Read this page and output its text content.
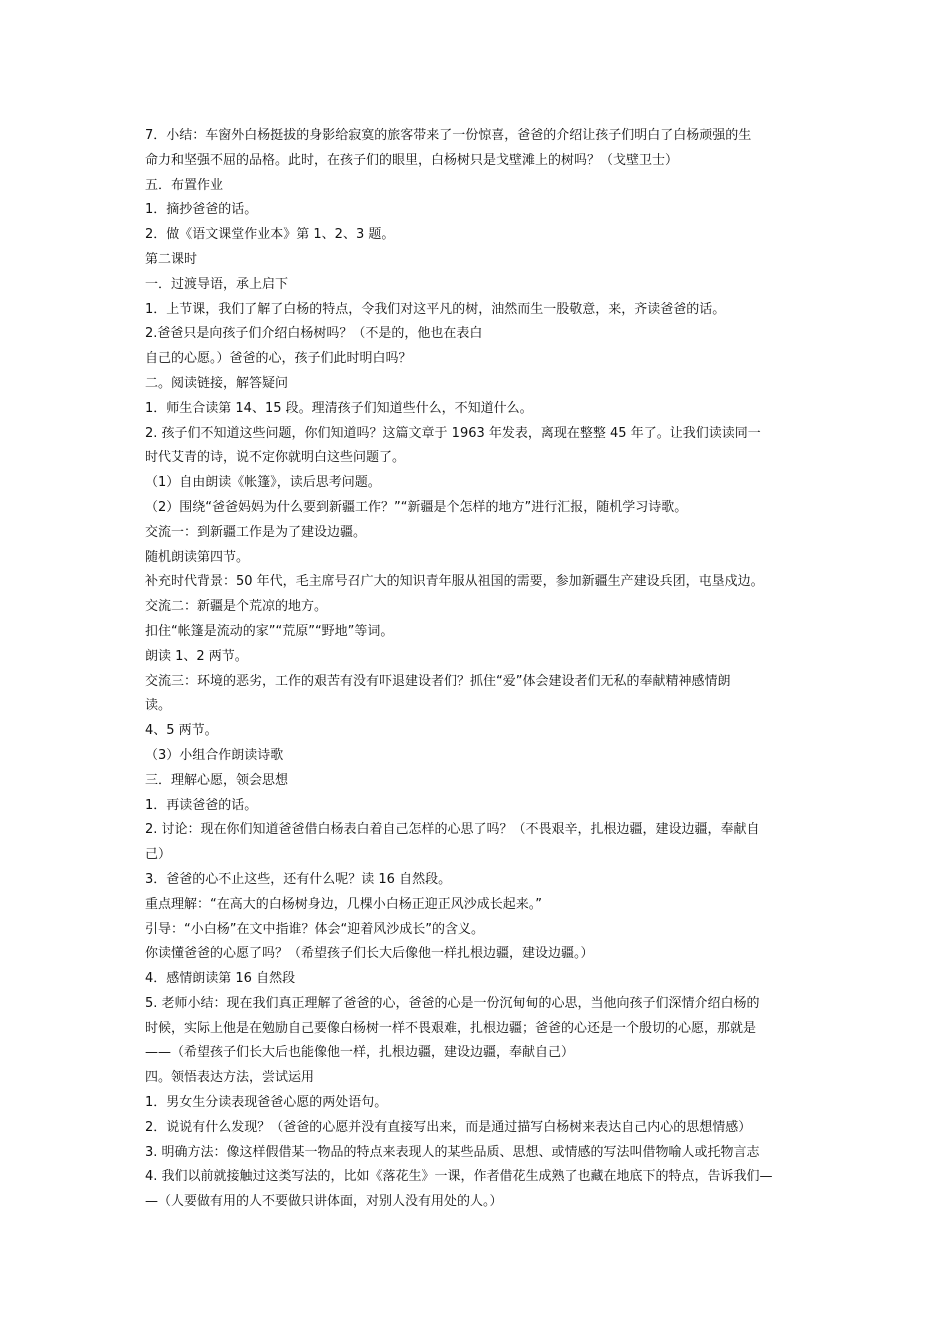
7．小结：车窗外白杨挺拔的身影给寂寞的旅客带来了一份惊喜，爸爸的介绍让孩子们明白了白杨顽强的生
命力和坚强不屈的品格。此时，在孩子们的眼里，白杨树只是戈壁滩上的树吗？（戈壁卫士）
五．布置作业
1．摘抄爸爸的话。
2．做《语文课堂作业本》第 1、2、3 题。
第二课时
一．过渡导语，承上启下
1．上节课，我们了解了白杨的特点，令我们对这平凡的树，油然而生一股敬意，来，齐读爸爸的话。
2.爸爸只是向孩子们介绍白杨树吗？（不是的，他也在表白
自己的心愿。）爸爸的心，孩子们此时明白吗？
二。阅读链接，解答疑问
1．师生合读第 14、15 段。理清孩子们知道些什么，不知道什么。
2. 孩子们不知道这些问题，你们知道吗？这篇文章于 1963 年发表，离现在整整 45 年了。让我们读读同一
时代艾青的诗，说不定你就明白这些问题了。
（1）自由朗读《帐篷》，读后思考问题。
（2）围绕“爸爸妈妈为什么要到新疆工作？”“新疆是个怎样的地方”进行汇报，随机学习诗歌。
交流一：到新疆工作是为了建设边疆。
随机朗读第四节。
补充时代背景：50 年代，毛主席号召广大的知识青年服从祖国的需要，参加新疆生产建设兵团，屯垦戍边。
交流二：新疆是个荒凉的地方。
扣住“帐篷是流动的家”“荒原”“野地”等词。
朗读 1、2 两节。
交流三：环境的恶劣，工作的艰苦有没有吓退建设者们？抓住“爱”体会建设者们无私的奉献精神感情朗
读。
4、5 两节。
（3）小组合作朗读诗歌
三．理解心愿，领会思想
1．再读爸爸的话。
2. 讨论：现在你们知道爸爸借白杨表白着自己怎样的心思了吗？（不畏艰辛，扎根边疆，建设边疆，奉献自
己）
3．爸爸的心不止这些，还有什么呢？读 16 自然段。
重点理解：“在高大的白杨树身边，几棵小白杨正迎正风沙成长起来。”
引导：“小白杨”在文中指谁？体会“迎着风沙成长”的含义。
你读懂爸爸的心愿了吗？（希望孩子们长大后像他一样扎根边疆，建设边疆。）
4．感情朗读第 16 自然段
5. 老师小结：现在我们真正理解了爸爸的心，爸爸的心是一份沉甸甸的心思，当他向孩子们深情介绍白杨的
时候，实际上他是在勉励自己要像白杨树一样不畏艰难，扎根边疆；爸爸的心还是一个殷切的心愿，那就是
——（希望孩子们长大后也能像他一样，扎根边疆，建设边疆，奉献自己）
四。领悟表达方法，尝试运用
1．男女生分读表现爸爸心愿的两处语句。
2．说说有什么发现？（爸爸的心愿并没有直接写出来，而是通过描写白杨树来表达自己内心的思想情感）
3. 明确方法：像这样假借某一物品的特点来表现人的某些品质、思想、或情感的写法叫借物喻人或托物言志
4. 我们以前就接触过这类写法的，比如《落花生》一课，作者借花生成熟了也藏在地底下的特点，告诉我们—
—（人要做有用的人不要做只讲体面，对别人没有用处的人。）
